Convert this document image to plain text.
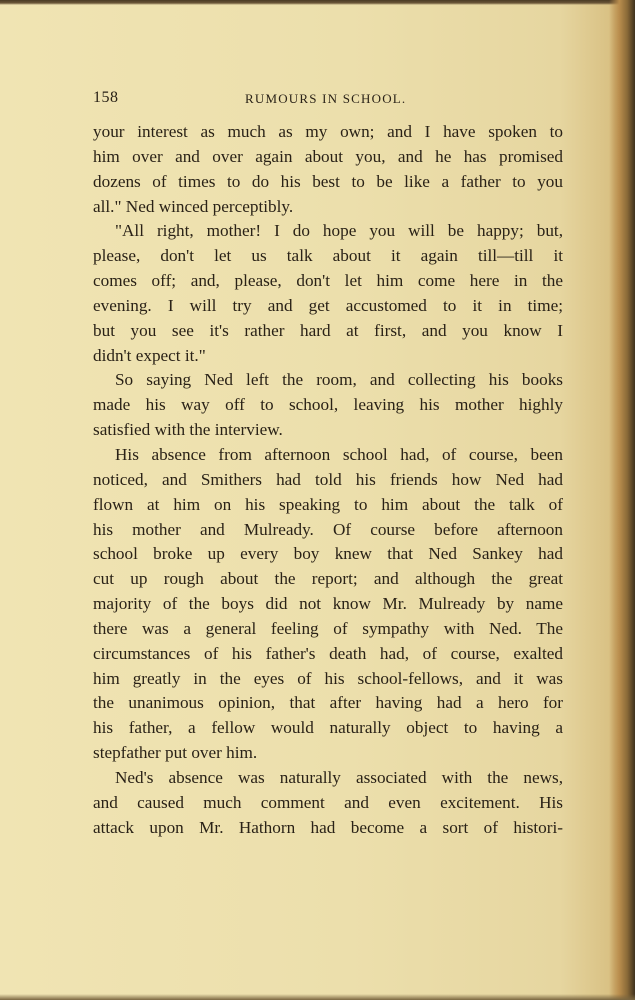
158	RUMOURS IN SCHOOL.

your interest as much as my own; and I have spoken to
him over and over again about you, and he has promised
dozens of times to do his best to be like a father to you
all." Ned winced perceptibly.

"All right, mother! I do hope you will be happy; but,
please, don't let us talk about it again till—till it
comes off; and, please, don't let him come here in the
evening. I will try and get accustomed to it in time;
but you see it's rather hard at first, and you know I
didn't expect it."

So saying Ned left the room, and collecting his books
made his way off to school, leaving his mother highly
satisfied with the interview.

His absence from afternoon school had, of course, been
noticed, and Smithers had told his friends how Ned had
flown at him on his speaking to him about the talk of
his mother and Mulready. Of course before afternoon
school broke up every boy knew that Ned Sankey had
cut up rough about the report; and although the great
majority of the boys did not know Mr. Mulready by name
there was a general feeling of sympathy with Ned. The
circumstances of his father's death had, of course, exalted
him greatly in the eyes of his school-fellows, and it was
the unanimous opinion, that after having had a hero for
his father, a fellow would naturally object to having a
stepfather put over him.

Ned's absence was naturally associated with the news,
and caused much comment and even excitement. His
attack upon Mr. Hathorn had become a sort of histori-
